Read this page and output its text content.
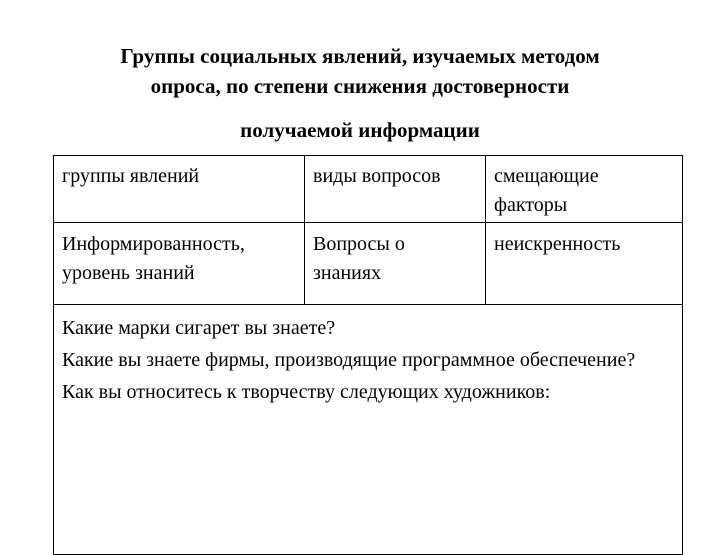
Группы социальных явлений, изучаемых методом
опроса, по степени снижения достоверности
получаемой информации
группы явлений	виды вопросов	смещающие факторы
Информированность, уровень знаний
Вопросы о знаниях
неискренность
Какие марки сигарет вы знаете?
Какие вы знаете фирмы, производящие программное обеспечение?
Как вы относитесь к творчеству следующих художников:
